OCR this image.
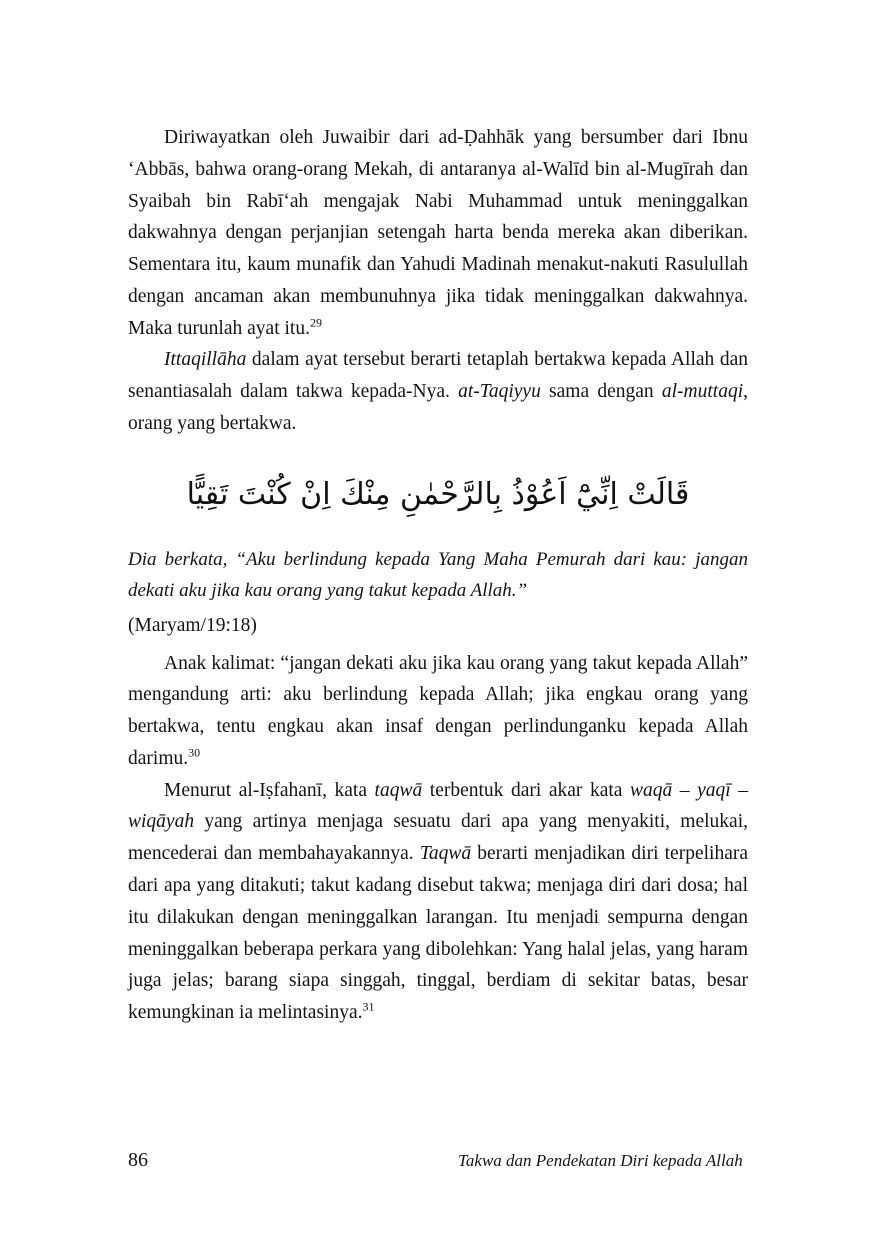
Diriwayatkan oleh Juwaibir dari ad-Ḍahhāk yang bersumber dari Ibnu ‘Abbās, bahwa orang-orang Mekah, di antaranya al-Walīd bin al-Mugīrah dan Syaibah bin Rabī‘ah mengajak Nabi Muhammad untuk meninggalkan dakwahnya dengan perjanjian setengah harta benda mereka akan diberikan. Sementara itu, kaum munafik dan Yahudi Madinah menakut-nakuti Rasulullah dengan ancaman akan membunuhnya jika tidak meninggalkan dakwahnya. Maka turunlah ayat itu.$^{29}$

Ittaqillāha dalam ayat tersebut berarti tetaplah bertakwa kepada Allah dan senantiasalah dalam takwa kepada-Nya. at-Taqiyyu sama dengan al-muttaqi, orang yang bertakwa.

قَالَتْ اِنِّيْٓ اَعُوْذُ بِالرَّحْمٰنِ مِنْكَ اِنْ كُنْتَ تَقِيًّا

Dia berkata, “Aku berlindung kepada Yang Maha Pemurah dari kau: jangan dekati aku jika kau orang yang takut kepada Allah.”

(Maryam/19:18)

Anak kalimat: “jangan dekati aku jika kau orang yang takut kepada Allah” mengandung arti: aku berlindung kepada Allah; jika engkau orang yang bertakwa, tentu engkau akan insaf dengan perlindunganku kepada Allah darimu.$^{30}$

Menurut al-Iṣfahanī, kata taqwā terbentuk dari akar kata waqā – yaqī – wiqāyah yang artinya menjaga sesuatu dari apa yang menyakiti, melukai, mencederai dan membahayakannya. Taqwā berarti menjadikan diri terpelihara dari apa yang ditakuti; takut kadang disebut takwa; menjaga diri dari dosa; hal itu dilakukan dengan meninggalkan larangan. Itu menjadi sempurna dengan meninggalkan beberapa perkara yang dibolehkan: Yang halal jelas, yang haram juga jelas; barang siapa singgah, tinggal, berdiam di sekitar batas, besar kemungkinan ia melintasinya.$^{31}$

86	Takwa dan Pendekatan Diri kepada Allah
